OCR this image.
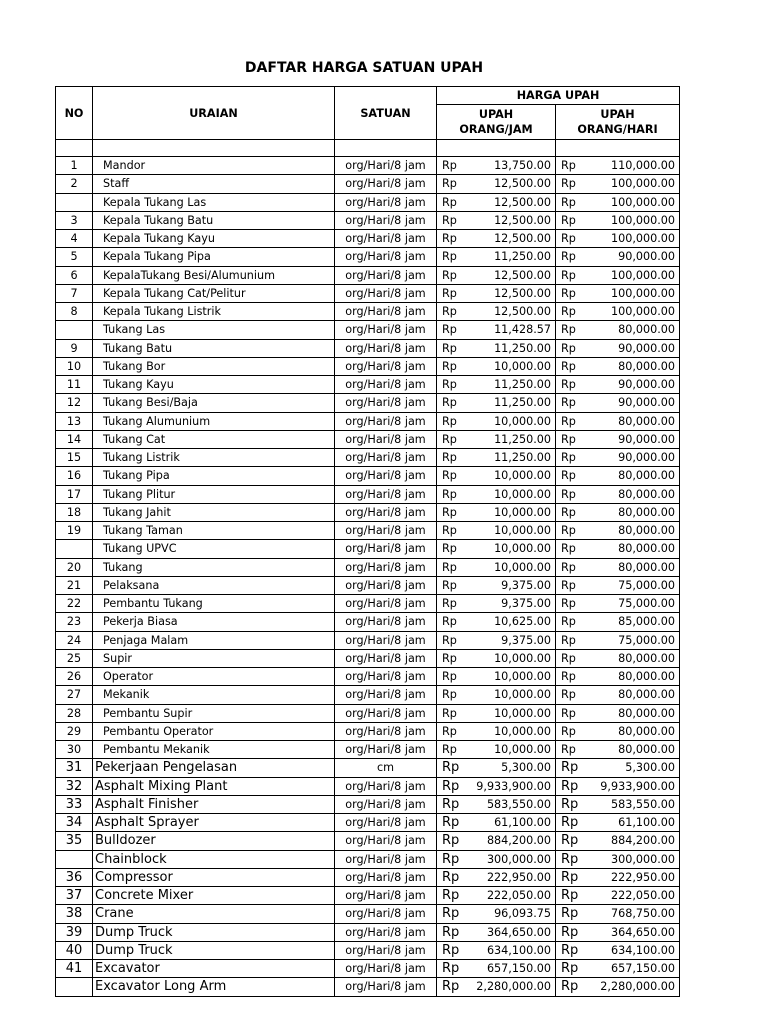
DAFTAR HARGA SATUAN UPAH
NO	URAIAN	SATUAN	HARGA UPAH			
			UPAH ORANG/JAM		UPAH ORANG/HARI	

1	Mandor	org/Hari/8 jam	Rp	13,750.00	Rp	110,000.00
2	Staff	org/Hari/8 jam	Rp	12,500.00	Rp	100,000.00
	Kepala Tukang Las	org/Hari/8 jam	Rp	12,500.00	Rp	100,000.00
3	Kepala Tukang Batu	org/Hari/8 jam	Rp	12,500.00	Rp	100,000.00
4	Kepala Tukang Kayu	org/Hari/8 jam	Rp	12,500.00	Rp	100,000.00
5	Kepala Tukang Pipa	org/Hari/8 jam	Rp	11,250.00	Rp	90,000.00
6	KepalaTukang Besi/Alumunium	org/Hari/8 jam	Rp	12,500.00	Rp	100,000.00
7	Kepala Tukang Cat/Pelitur	org/Hari/8 jam	Rp	12,500.00	Rp	100,000.00
8	Kepala Tukang Listrik	org/Hari/8 jam	Rp	12,500.00	Rp	100,000.00
	Tukang Las	org/Hari/8 jam	Rp	11,428.57	Rp	80,000.00
9	Tukang Batu	org/Hari/8 jam	Rp	11,250.00	Rp	90,000.00
10	Tukang Bor	org/Hari/8 jam	Rp	10,000.00	Rp	80,000.00
11	Tukang Kayu	org/Hari/8 jam	Rp	11,250.00	Rp	90,000.00
12	Tukang Besi/Baja	org/Hari/8 jam	Rp	11,250.00	Rp	90,000.00
13	Tukang Alumunium	org/Hari/8 jam	Rp	10,000.00	Rp	80,000.00
14	Tukang Cat	org/Hari/8 jam	Rp	11,250.00	Rp	90,000.00
15	Tukang Listrik	org/Hari/8 jam	Rp	11,250.00	Rp	90,000.00
16	Tukang Pipa	org/Hari/8 jam	Rp	10,000.00	Rp	80,000.00
17	Tukang Plitur	org/Hari/8 jam	Rp	10,000.00	Rp	80,000.00
18	Tukang Jahit	org/Hari/8 jam	Rp	10,000.00	Rp	80,000.00
19	Tukang Taman	org/Hari/8 jam	Rp	10,000.00	Rp	80,000.00
	Tukang UPVC	org/Hari/8 jam	Rp	10,000.00	Rp	80,000.00
20	Tukang	org/Hari/8 jam	Rp	10,000.00	Rp	80,000.00
21	Pelaksana	org/Hari/8 jam	Rp	9,375.00	Rp	75,000.00
22	Pembantu Tukang	org/Hari/8 jam	Rp	9,375.00	Rp	75,000.00
23	Pekerja Biasa	org/Hari/8 jam	Rp	10,625.00	Rp	85,000.00
24	Penjaga Malam	org/Hari/8 jam	Rp	9,375.00	Rp	75,000.00
25	Supir	org/Hari/8 jam	Rp	10,000.00	Rp	80,000.00
26	Operator	org/Hari/8 jam	Rp	10,000.00	Rp	80,000.00
27	Mekanik	org/Hari/8 jam	Rp	10,000.00	Rp	80,000.00
28	Pembantu Supir	org/Hari/8 jam	Rp	10,000.00	Rp	80,000.00
29	Pembantu Operator	org/Hari/8 jam	Rp	10,000.00	Rp	80,000.00
30	Pembantu Mekanik	org/Hari/8 jam	Rp	10,000.00	Rp	80,000.00
31	Pekerjaan Pengelasan	cm	Rp	5,300.00	Rp	5,300.00
32	Asphalt Mixing Plant	org/Hari/8 jam	Rp	9,933,900.00	Rp	9,933,900.00
33	Asphalt Finisher	org/Hari/8 jam	Rp	583,550.00	Rp	583,550.00
34	Asphalt Sprayer	org/Hari/8 jam	Rp	61,100.00	Rp	61,100.00
35	Bulldozer	org/Hari/8 jam	Rp	884,200.00	Rp	884,200.00
	Chainblock	org/Hari/8 jam	Rp	300,000.00	Rp	300,000.00
36	Compressor	org/Hari/8 jam	Rp	222,950.00	Rp	222,950.00
37	Concrete Mixer	org/Hari/8 jam	Rp	222,050.00	Rp	222,050.00
38	Crane	org/Hari/8 jam	Rp	96,093.75	Rp	768,750.00
39	Dump Truck	org/Hari/8 jam	Rp	364,650.00	Rp	364,650.00
40	Dump Truck	org/Hari/8 jam	Rp	634,100.00	Rp	634,100.00
41	Excavator	org/Hari/8 jam	Rp	657,150.00	Rp	657,150.00
	Excavator Long Arm	org/Hari/8 jam	Rp	2,280,000.00	Rp	2,280,000.00
